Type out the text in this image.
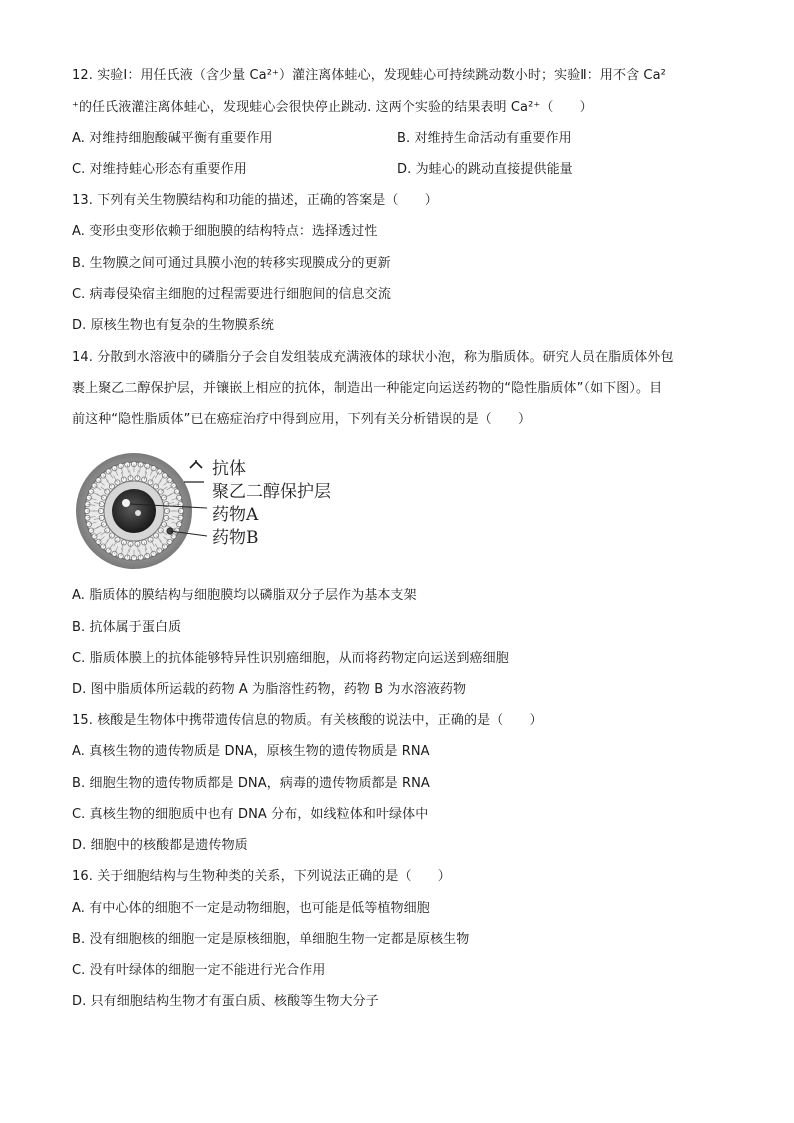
12. 实验Ⅰ：用任氏液（含少量 Ca²⁺）灌注离体蛙心，发现蛙心可持续跳动数小时；实验Ⅱ：用不含 Ca²
⁺的任氏液灌注离体蛙心，发现蛙心会很快停止跳动. 这两个实验的结果表明 Ca²⁺（　　）
A. 对维持细胞酸碱平衡有重要作用	B. 对维持生命活动有重要作用
C. 对维持蛙心形态有重要作用	D. 为蛙心的跳动直接提供能量
13. 下列有关生物膜结构和功能的描述，正确的答案是（　　）
A. 变形虫变形依赖于细胞膜的结构特点：选择透过性
B. 生物膜之间可通过具膜小泡的转移实现膜成分的更新
C. 病毒侵染宿主细胞的过程需要进行细胞间的信息交流
D. 原核生物也有复杂的生物膜系统
14. 分散到水溶液中的磷脂分子会自发组装成充满液体的球状小泡，称为脂质体。研究人员在脂质体外包
裹上聚乙二醇保护层，并镶嵌上相应的抗体，制造出一种能定向运送药物的“隐性脂质体”（如下图）。目
前这种“隐性脂质体”已在癌症治疗中得到应用，下列有关分析错误的是（　　）
抗体
聚乙二醇保护层
药物A
药物B
A. 脂质体的膜结构与细胞膜均以磷脂双分子层作为基本支架
B. 抗体属于蛋白质
C. 脂质体膜上的抗体能够特异性识别癌细胞，从而将药物定向运送到癌细胞
D. 图中脂质体所运载的药物 A 为脂溶性药物，药物 B 为水溶液药物
15. 核酸是生物体中携带遗传信息的物质。有关核酸的说法中，正确的是（　　）
A. 真核生物的遗传物质是 DNA，原核生物的遗传物质是 RNA
B. 细胞生物的遗传物质都是 DNA，病毒的遗传物质都是 RNA
C. 真核生物的细胞质中也有 DNA 分布，如线粒体和叶绿体中
D. 细胞中的核酸都是遗传物质
16. 关于细胞结构与生物种类的关系，下列说法正确的是（　　）
A. 有中心体的细胞不一定是动物细胞，也可能是低等植物细胞
B. 没有细胞核的细胞一定是原核细胞，单细胞生物一定都是原核生物
C. 没有叶绿体的细胞一定不能进行光合作用
D. 只有细胞结构生物才有蛋白质、核酸等生物大分子
